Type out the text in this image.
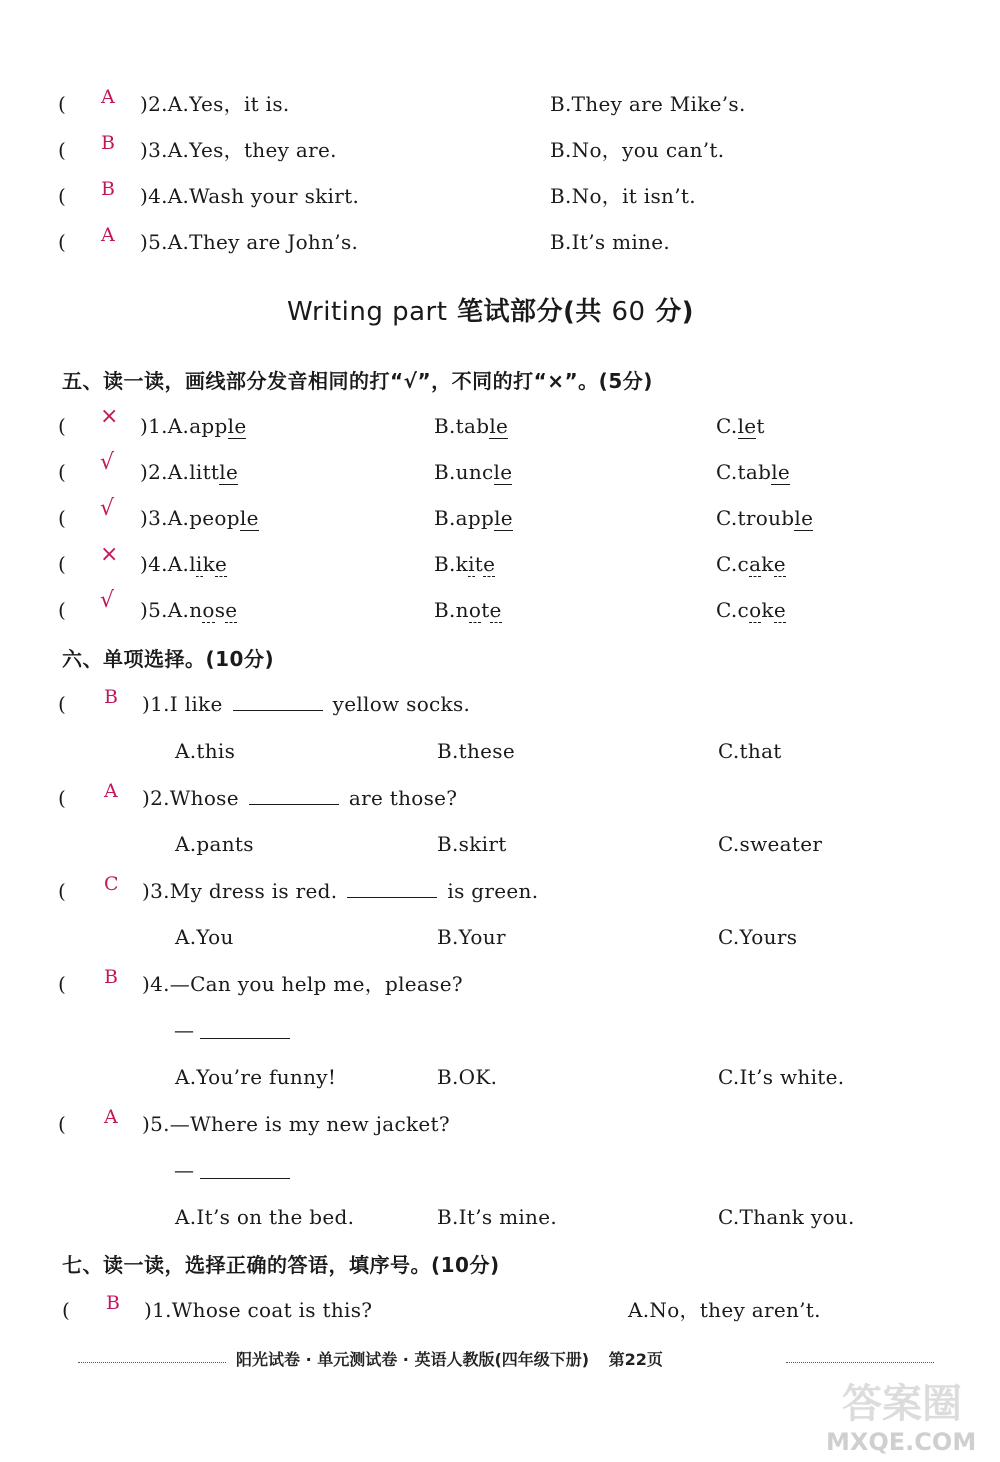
( A )2.A.Yes，it is.	B.They are Mike’s.
( B )3.A.Yes，they are.	B.No，you can’t.
( B )4.A.Wash your skirt.	B.No，it isn’t.
( A )5.A.They are John’s.	B.It’s mine.
Writing part 笔试部分(共 60 分)
五、读一读，画线部分发音相同的打“√”，不同的打“×”。(5分)
( × )1.A.apple	B.table	C.let
( √ )2.A.little	B.uncle	C.table
( √ )3.A.people	B.apple	C.trouble
( × )4.A.like	B.kite	C.cake
( √ )5.A.nose	B.note	C.coke
六、单项选择。(10分)
( B )1.I like	yellow socks.
A.this	B.these	C.that
( A )2.Whose	are those?
A.pants	B.skirt	C.sweater
( C )3.My dress is red.	is green.
A.You	B.Your	C.Yours
( B )4.—Can you help me，please?
—
A.You’re funny!	B.OK.	C.It’s white.
( A )5.—Where is my new jacket?
—
A.It’s on the bed.	B.It’s mine.	C.Thank you.
七、读一读，选择正确的答语，填序号。(10分)
( B )1.Whose coat is this?	A.No，they aren’t.
阳光试卷 · 单元测试卷 · 英语人教版(四年级下册) 第22页
答案圈
MXQE.COM
